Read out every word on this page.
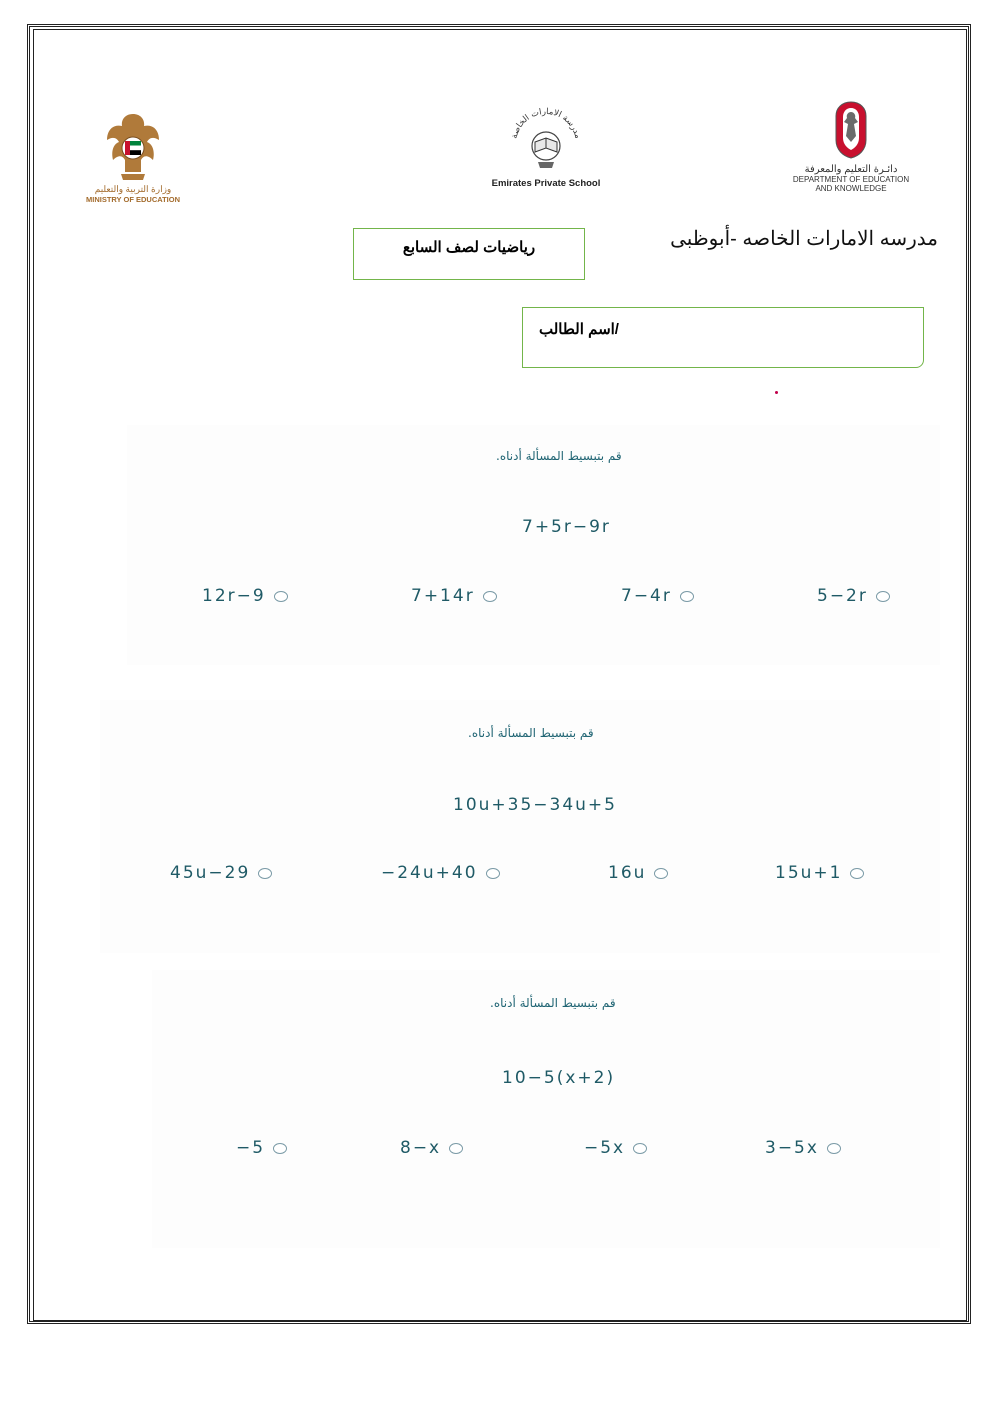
وزارة التربية والتعليم
MINISTRY OF EDUCATION
مدرسة الامارات الخاصة
Emirates Private School
دائـرة التعليم والمعرفة
DEPARTMENT OF EDUCATION
AND KNOWLEDGE
مدرسه الامارات الخاصه -أبوظبى
رياضيات لصف السابع
/اسم الطالب
قم بتبسيط المسألة أدناه.
7+5r−9r
12r−9	7+14r	7−4r	5−2r
قم بتبسيط المسألة أدناه.
10u+35−34u+5
45u−29	−24u+40	16u	15u+1
قم بتبسيط المسألة أدناه.
10−5(x+2)
−5	8−x	−5x	3−5x
